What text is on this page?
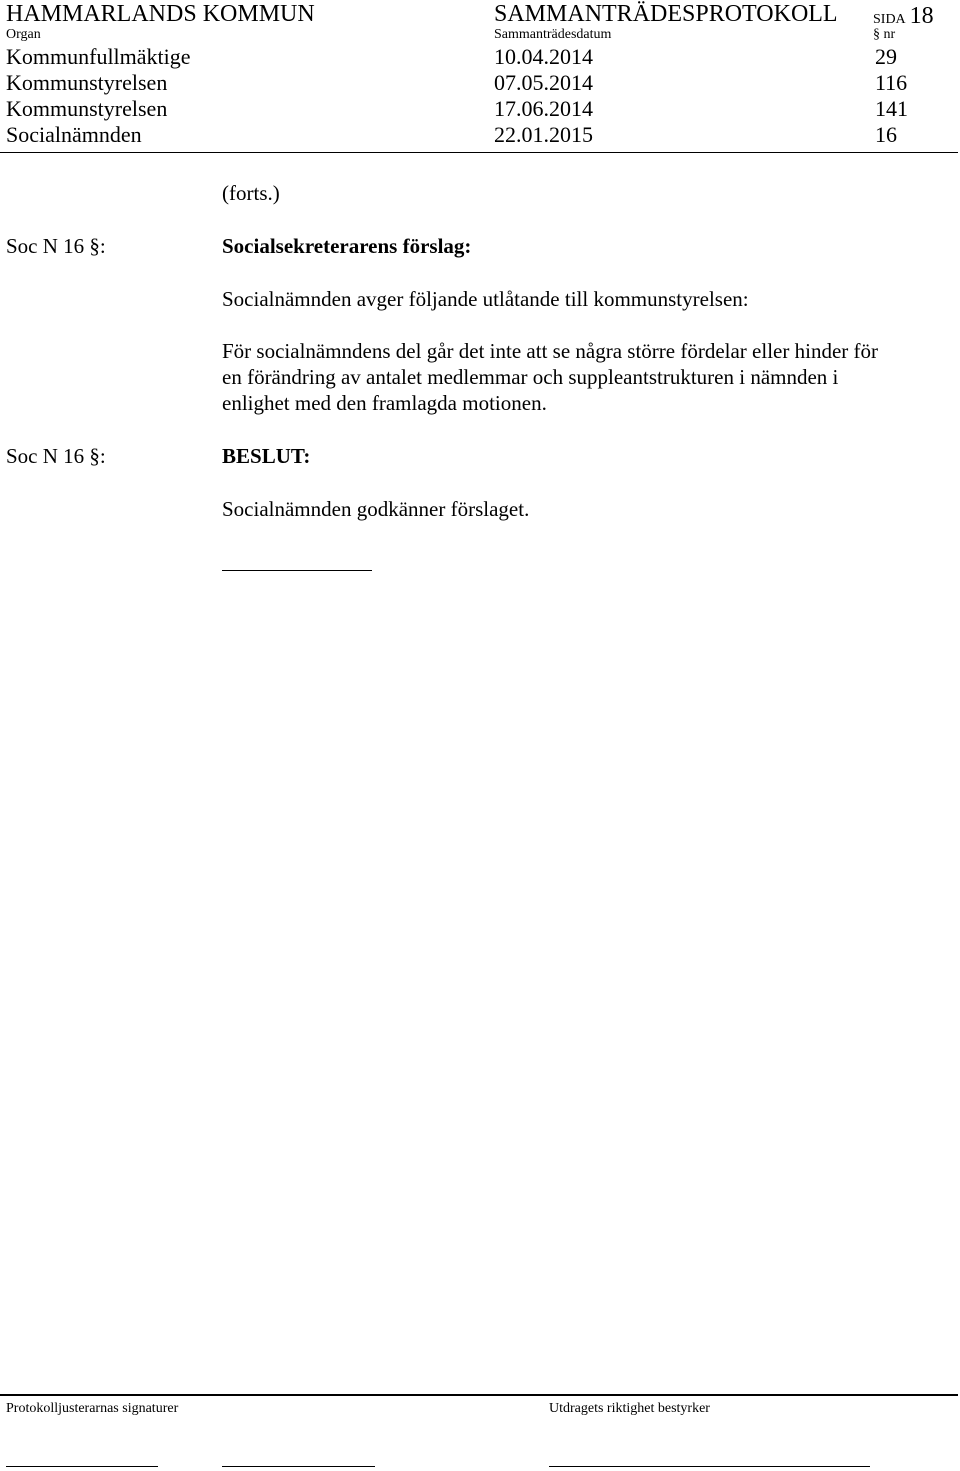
HAMMARLANDS KOMMUN	SAMMANTRÄDESPROTOKOLL	SIDA 18
Organ	Sammanträdesdatum	§ nr
Kommunfullmäktige	10.04.2014	29
Kommunstyrelsen	07.05.2014	116
Kommunstyrelsen	17.06.2014	141
Socialnämnden	22.01.2015	16
(forts.)
Soc N 16 §:	Socialsekreterarens förslag:
Socialnämnden avger följande utlåtande till kommunstyrelsen:
För socialnämndens del går det inte att se några större fördelar eller hinder för
en förändring av antalet medlemmar och suppleantstrukturen i nämnden i
enlighet med den framlagda motionen.
Soc N 16 §:	BESLUT:
Socialnämnden godkänner förslaget.
Protokolljusterarnas signaturer	Utdragets riktighet bestyrker
